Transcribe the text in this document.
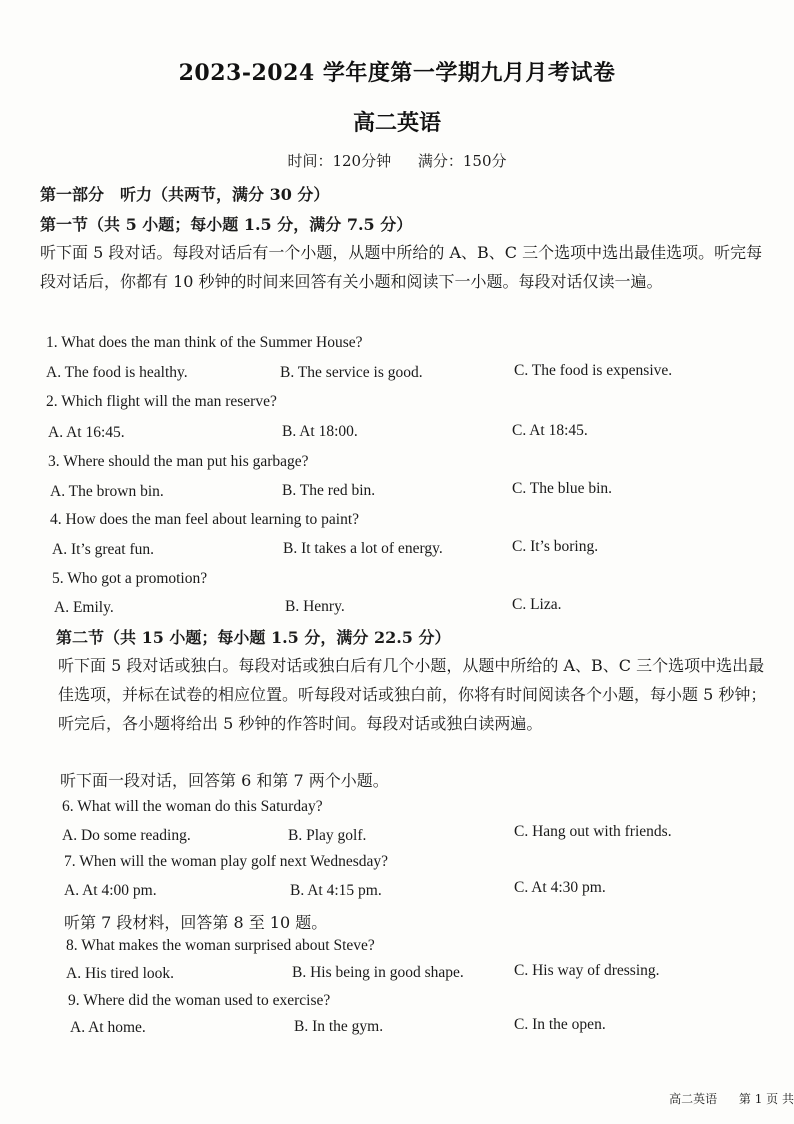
2023-2024 学年度第一学期九月月考试卷
高二英语
时间：120分钟 满分：150分
第一部分　听力（共两节，满分 30 分）
第一节（共 5 小题；每小题 1.5 分，满分 7.5 分）
听下面 5 段对话。每段对话后有一个小题，从题中所给的 A、B、C 三个选项中选出最佳选项。听完每段对话后，你都有 10 秒钟的时间来回答有关小题和阅读下一小题。每段对话仅读一遍。
1. What does the man think of the Summer House?
A. The food is healthy.	B. The service is good.	C. The food is expensive.
2. Which flight will the man reserve?
A. At 16:45.	B. At 18:00.	C. At 18:45.
3. Where should the man put his garbage?
A. The brown bin.	B. The red bin.	C. The blue bin.
4. How does the man feel about learning to paint?
A. It’s great fun.	B. It takes a lot of energy.	C. It’s boring.
5. Who got a promotion?
A. Emily.	B. Henry.	C. Liza.
第二节（共 15 小题；每小题 1.5 分，满分 22.5 分）
听下面 5 段对话或独白。每段对话或独白后有几个小题，从题中所给的 A、B、C 三个选项中选出最佳选项，并标在试卷的相应位置。听每段对话或独白前，你将有时间阅读各个小题，每小题 5 秒钟；听完后，各小题将给出 5 秒钟的作答时间。每段对话或独白读两遍。
听下面一段对话，回答第 6 和第 7 两个小题。
6. What will the woman do this Saturday?
A. Do some reading.	B. Play golf.	C. Hang out with friends.
7. When will the woman play golf next Wednesday?
A. At 4:00 pm.	B. At 4:15 pm.	C. At 4:30 pm.
听第 7 段材料，回答第 8 至 10 题。
8. What makes the woman surprised about Steve?
A. His tired look.	B. His being in good shape.	C. His way of dressing.
9. Where did the woman used to exercise?
A. At home.	B. In the gym.	C. In the open.
高二英语 第 1 页 共
